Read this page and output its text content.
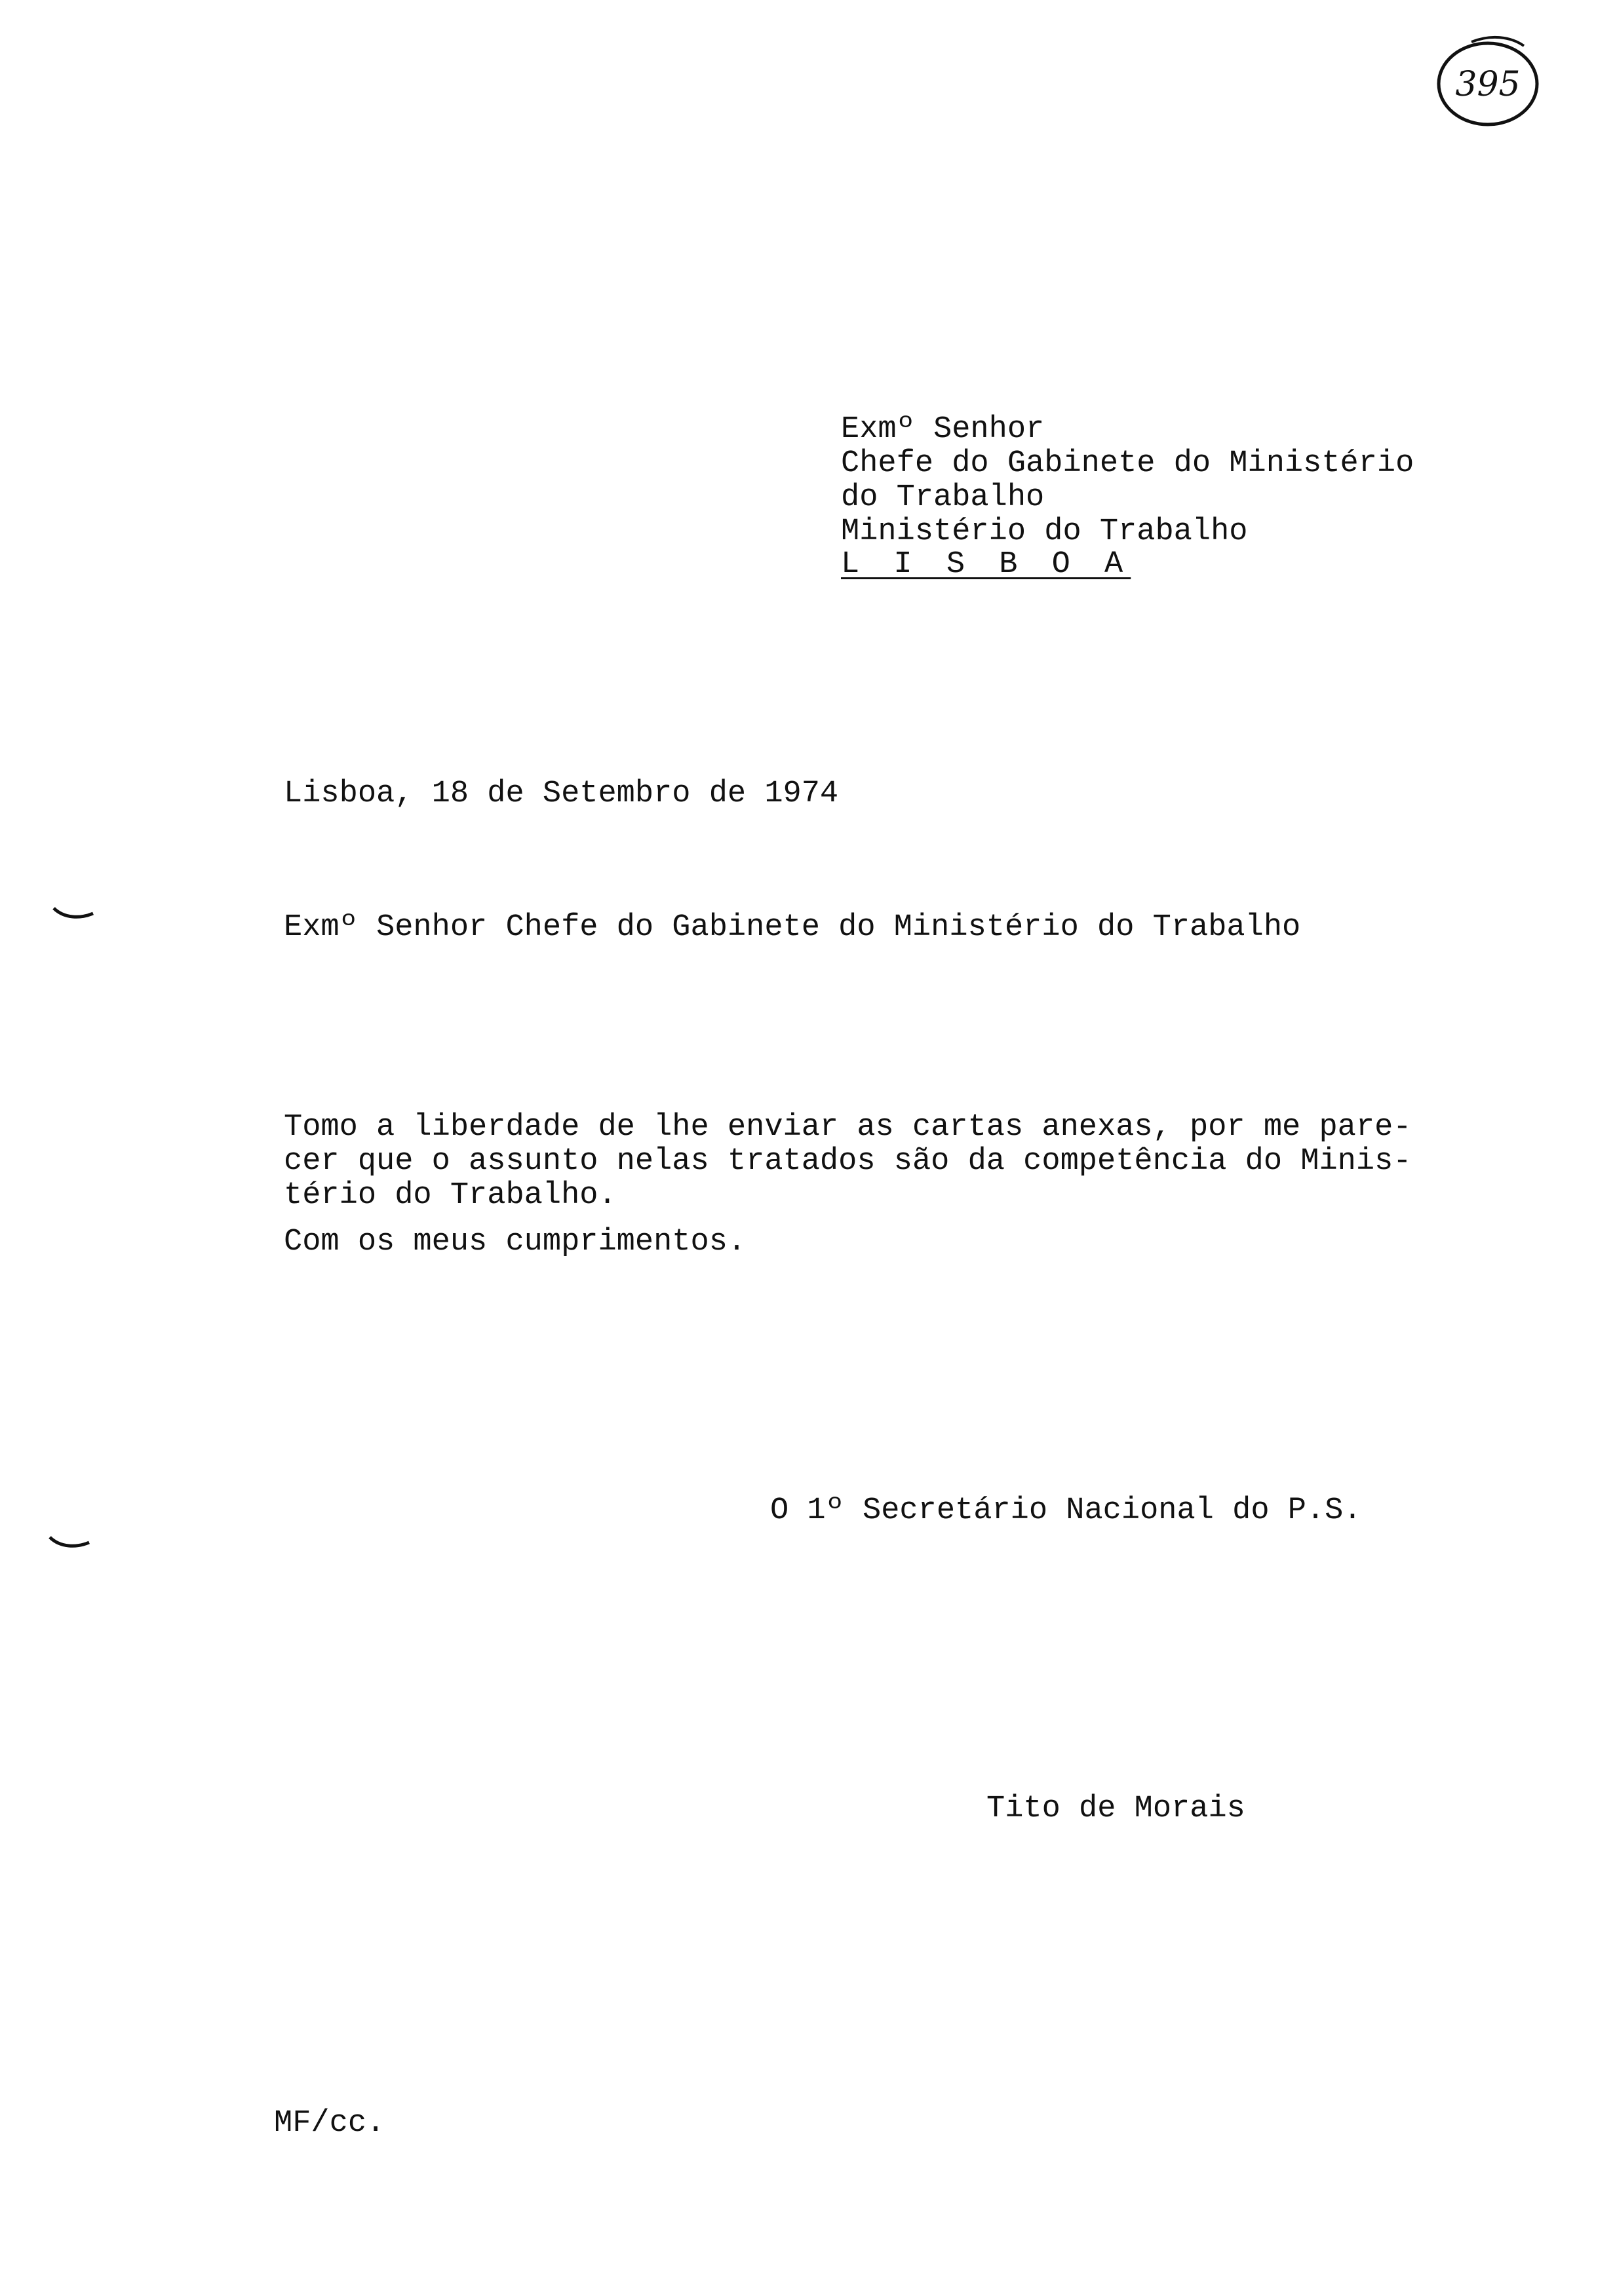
395
Exmº Senhor
Chefe do Gabinete do Ministério
do Trabalho
Ministério do Trabalho
L I S B O A
Lisboa, 18 de Setembro de 1974
Exmº Senhor Chefe do Gabinete do Ministério do Trabalho
Tomo a liberdade de lhe enviar as cartas anexas, por me pare-
cer que o assunto nelas tratados são da competência do Minis-
tério do Trabalho.
Com os meus cumprimentos.
O 1º Secretário Nacional do P.S.
Tito de Morais
MF/cc.
